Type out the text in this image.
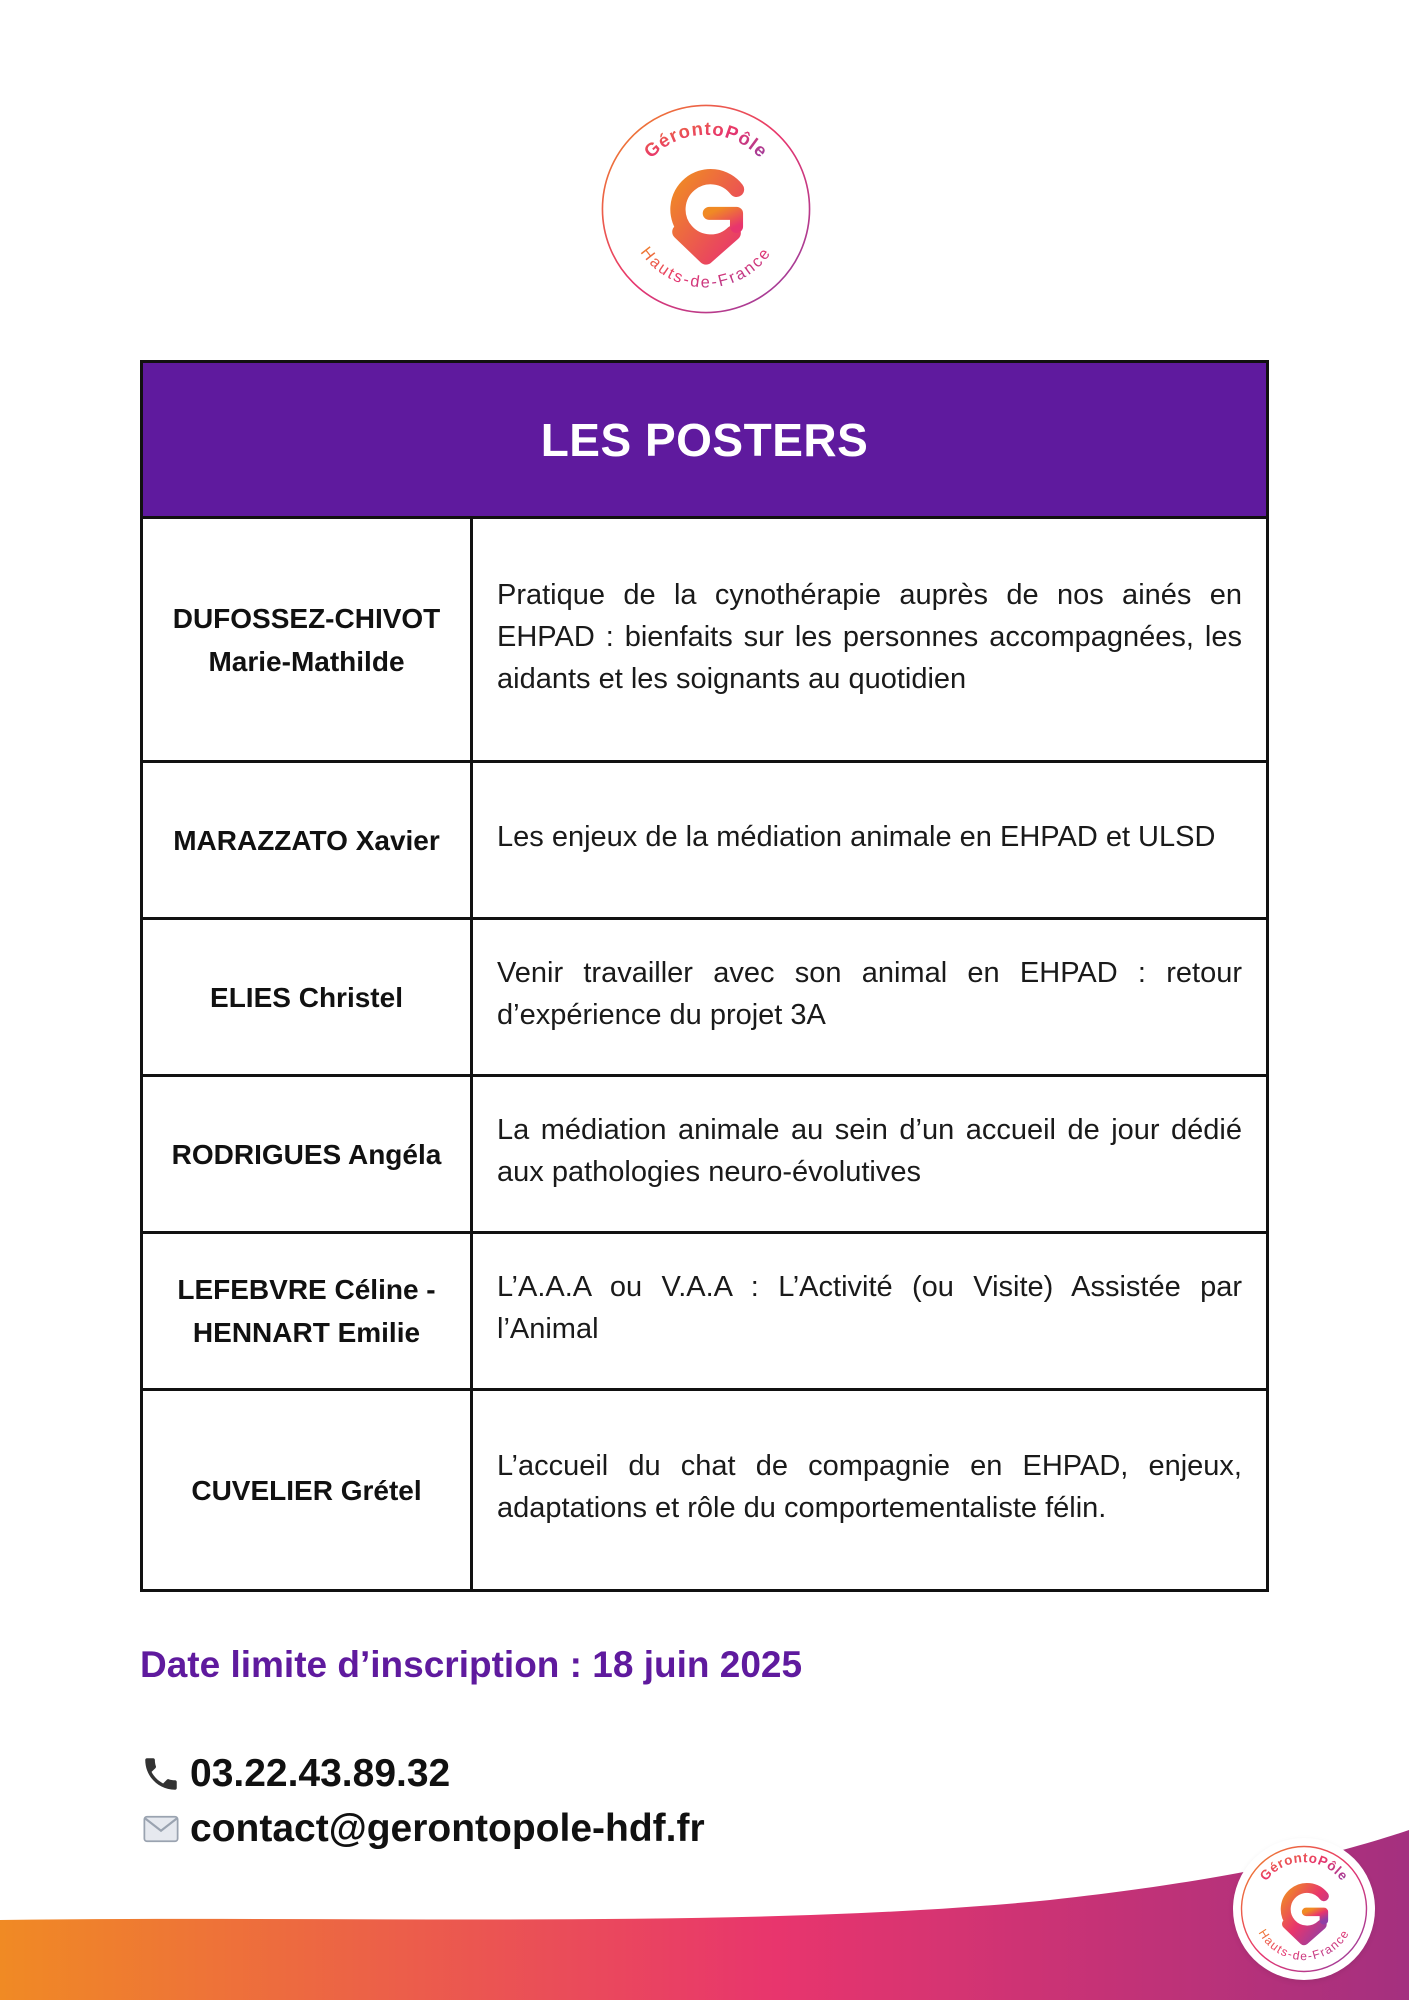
GérontoPôle
Hauts-de-France
LES POSTERS	
DUFOSSEZ-CHIVOT Marie-Mathilde	Pratique de la cynothérapie auprès de nos ainés en EHPAD : bienfaits sur les personnes accompagnées, les aidants et les soignants au quotidien
MARAZZATO Xavier	Les enjeux de la médiation animale en EHPAD et ULSD
ELIES Christel	Venir travailler avec son animal en EHPAD : retour d’expérience du projet 3A
RODRIGUES Angéla	La médiation animale au sein d’un accueil de jour dédié aux pathologies neuro-évolutives
LEFEBVRE Céline - HENNART Emilie	L’A.A.A ou V.A.A : L’Activité (ou Visite) Assistée par l’Animal
CUVELIER Grétel	L’accueil du chat de compagnie en EHPAD, enjeux, adaptations et rôle du comportementaliste félin.
Date limite d’inscription : 18 juin 2025
03.22.43.89.32
contact@gerontopole-hdf.fr
GérontoPôle
Hauts-de-France
